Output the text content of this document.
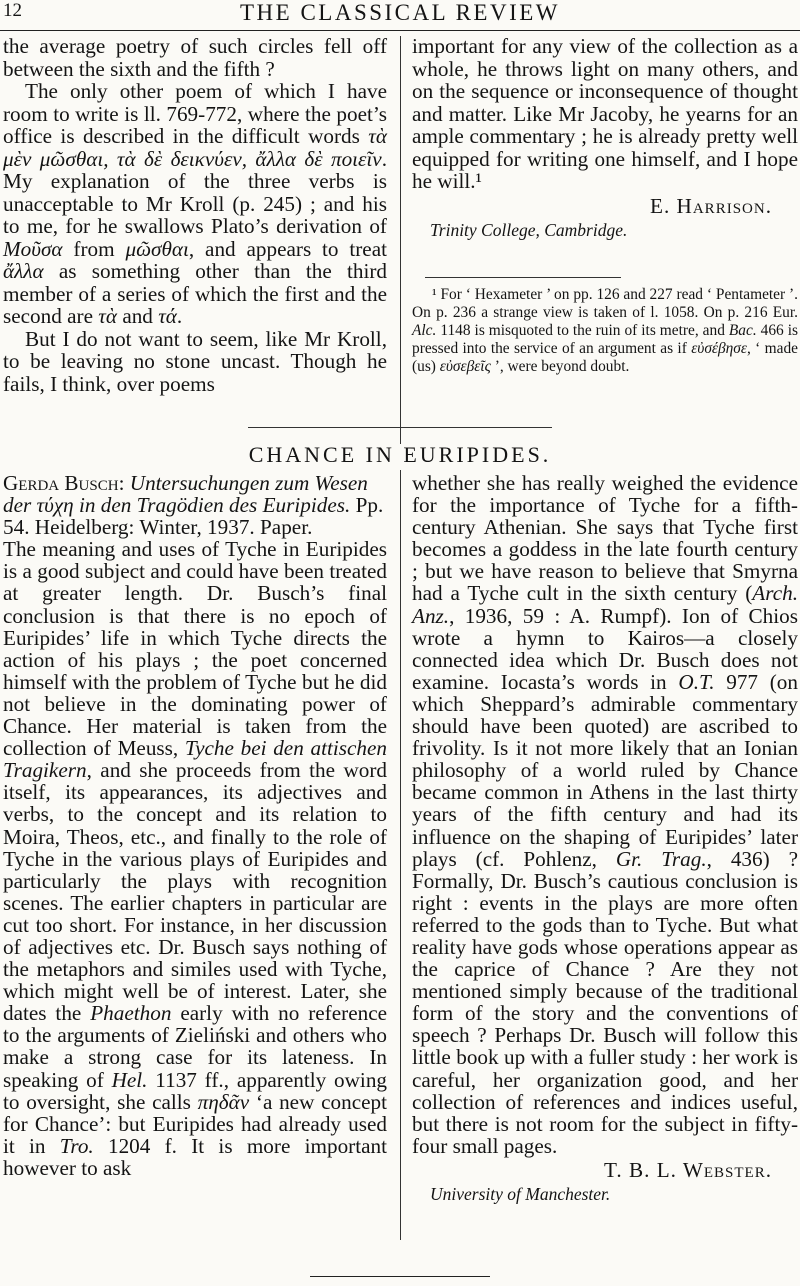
12	THE CLASSICAL REVIEW

the average poetry of such circles fell off between the sixth and the fifth ?

The only other poem of which I have room to write is ll. 769-772, where the poet’s office is described in the difficult words τὰ μὲν μῶσθαι, τὰ δὲ δεικνύεν, ἄλλα δὲ ποιεῖν. My explanation of the three verbs is unacceptable to Mr Kroll (p. 245) ; and his to me, for he swallows Plato’s derivation of Μοῦσα from μῶσθαι, and appears to treat ἄλλα as something other than the third member of a series of which the first and the second are τὰ and τά.

But I do not want to seem, like Mr Kroll, to be leaving no stone uncast. Though he fails, I think, over poems

important for any view of the collection as a whole, he throws light on many others, and on the sequence or inconsequence of thought and matter. Like Mr Jacoby, he yearns for an ample commentary ; he is already pretty well equipped for writing one himself, and I hope he will.¹

E. Harrison.

Trinity College, Cambridge.

¹ For ‘ Hexameter ’ on pp. 126 and 227 read ‘ Pentameter ’. On p. 236 a strange view is taken of l. 1058. On p. 216 Eur. Alc. 1148 is misquoted to the ruin of its metre, and Bac. 466 is pressed into the service of an argument as if εὐσέβησε, ‘ made (us) εὐσεβεῖς ’, were beyond doubt.
CHANCE IN EURIPIDES.

Gerda Busch: Untersuchungen zum Wesen der τύχη in den Tragödien des Euripides. Pp. 54. Heidelberg: Winter, 1937. Paper.

The meaning and uses of Tyche in Euripides is a good subject and could have been treated at greater length. Dr. Busch’s final conclusion is that there is no epoch of Euripides’ life in which Tyche directs the action of his plays ; the poet concerned himself with the problem of Tyche but he did not believe in the dominating power of Chance. Her material is taken from the collection of Meuss, Tyche bei den attischen Tragikern, and she proceeds from the word itself, its appearances, its adjectives and verbs, to the concept and its relation to Moira, Theos, etc., and finally to the role of Tyche in the various plays of Euripides and particularly the plays with recognition scenes. The earlier chapters in particular are cut too short. For instance, in her discussion of adjectives etc. Dr. Busch says nothing of the metaphors and similes used with Tyche, which might well be of interest. Later, she dates the Phaethon early with no reference to the arguments of Zieliński and others who make a strong case for its lateness. In speaking of Hel. 1137 ff., apparently owing to oversight, she calls πηδᾶν ‘a new concept for Chance’: but Euripides had already used it in Tro. 1204 f. It is more important however to ask

whether she has really weighed the evidence for the importance of Tyche for a fifth-century Athenian. She says that Tyche first becomes a goddess in the late fourth century ; but we have reason to believe that Smyrna had a Tyche cult in the sixth century (Arch. Anz., 1936, 59 : A. Rumpf). Ion of Chios wrote a hymn to Kairos—a closely connected idea which Dr. Busch does not examine. Iocasta’s words in O.T. 977 (on which Sheppard’s admirable commentary should have been quoted) are ascribed to frivolity. Is it not more likely that an Ionian philosophy of a world ruled by Chance became common in Athens in the last thirty years of the fifth century and had its influence on the shaping of Euripides’ later plays (cf. Pohlenz, Gr. Trag., 436) ? Formally, Dr. Busch’s cautious conclusion is right : events in the plays are more often referred to the gods than to Tyche. But what reality have gods whose operations appear as the caprice of Chance ? Are they not mentioned simply because of the traditional form of the story and the conventions of speech ? Perhaps Dr. Busch will follow this little book up with a fuller study : her work is careful, her organization good, and her collection of references and indices useful, but there is not room for the subject in fifty-four small pages.

T. B. L. Webster.

University of Manchester.
